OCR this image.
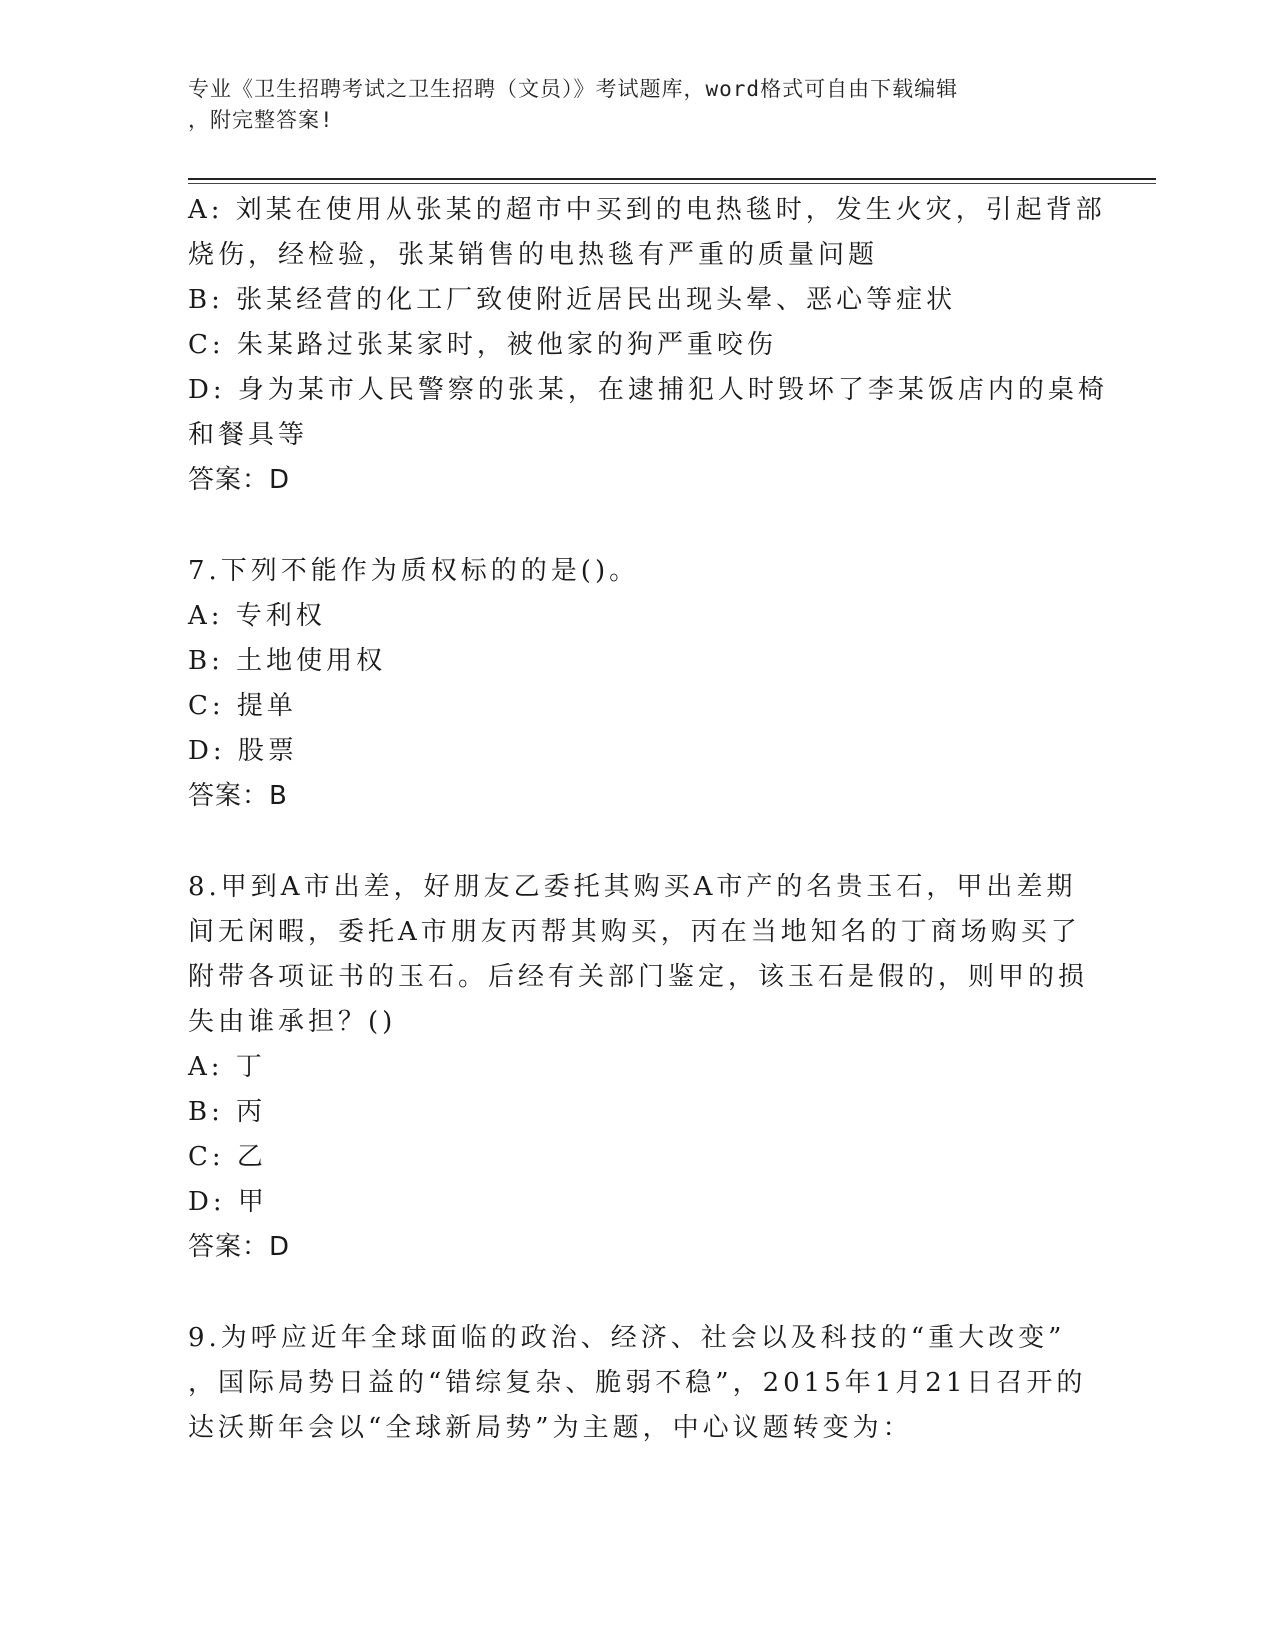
专业《卫生招聘考试之卫生招聘（文员）》考试题库，word格式可自由下载编辑
，附完整答案!
A: 刘某在使用从张某的超市中买到的电热毯时，发生火灾，引起背部
烧伤，经检验，张某销售的电热毯有严重的质量问题
B: 张某经营的化工厂致使附近居民出现头晕、恶心等症状
C: 朱某路过张某家时，被他家的狗严重咬伤
D: 身为某市人民警察的张某，在逮捕犯人时毁坏了李某饭店内的桌椅
和餐具等
答案：D
7.下列不能作为质权标的的是()。
A: 专利权
B: 土地使用权
C: 提单
D: 股票
答案：B
8.甲到A市出差，好朋友乙委托其购买A市产的名贵玉石，甲出差期
间无闲暇，委托A市朋友丙帮其购买，丙在当地知名的丁商场购买了
附带各项证书的玉石。后经有关部门鉴定，该玉石是假的，则甲的损
失由谁承担？()
A: 丁
B: 丙
C: 乙
D: 甲
答案：D
9.为呼应近年全球面临的政治、经济、社会以及科技的“重大改变”
，国际局势日益的“错综复杂、脆弱不稳”，2015年1月21日召开的
达沃斯年会以“全球新局势”为主题，中心议题转变为：
